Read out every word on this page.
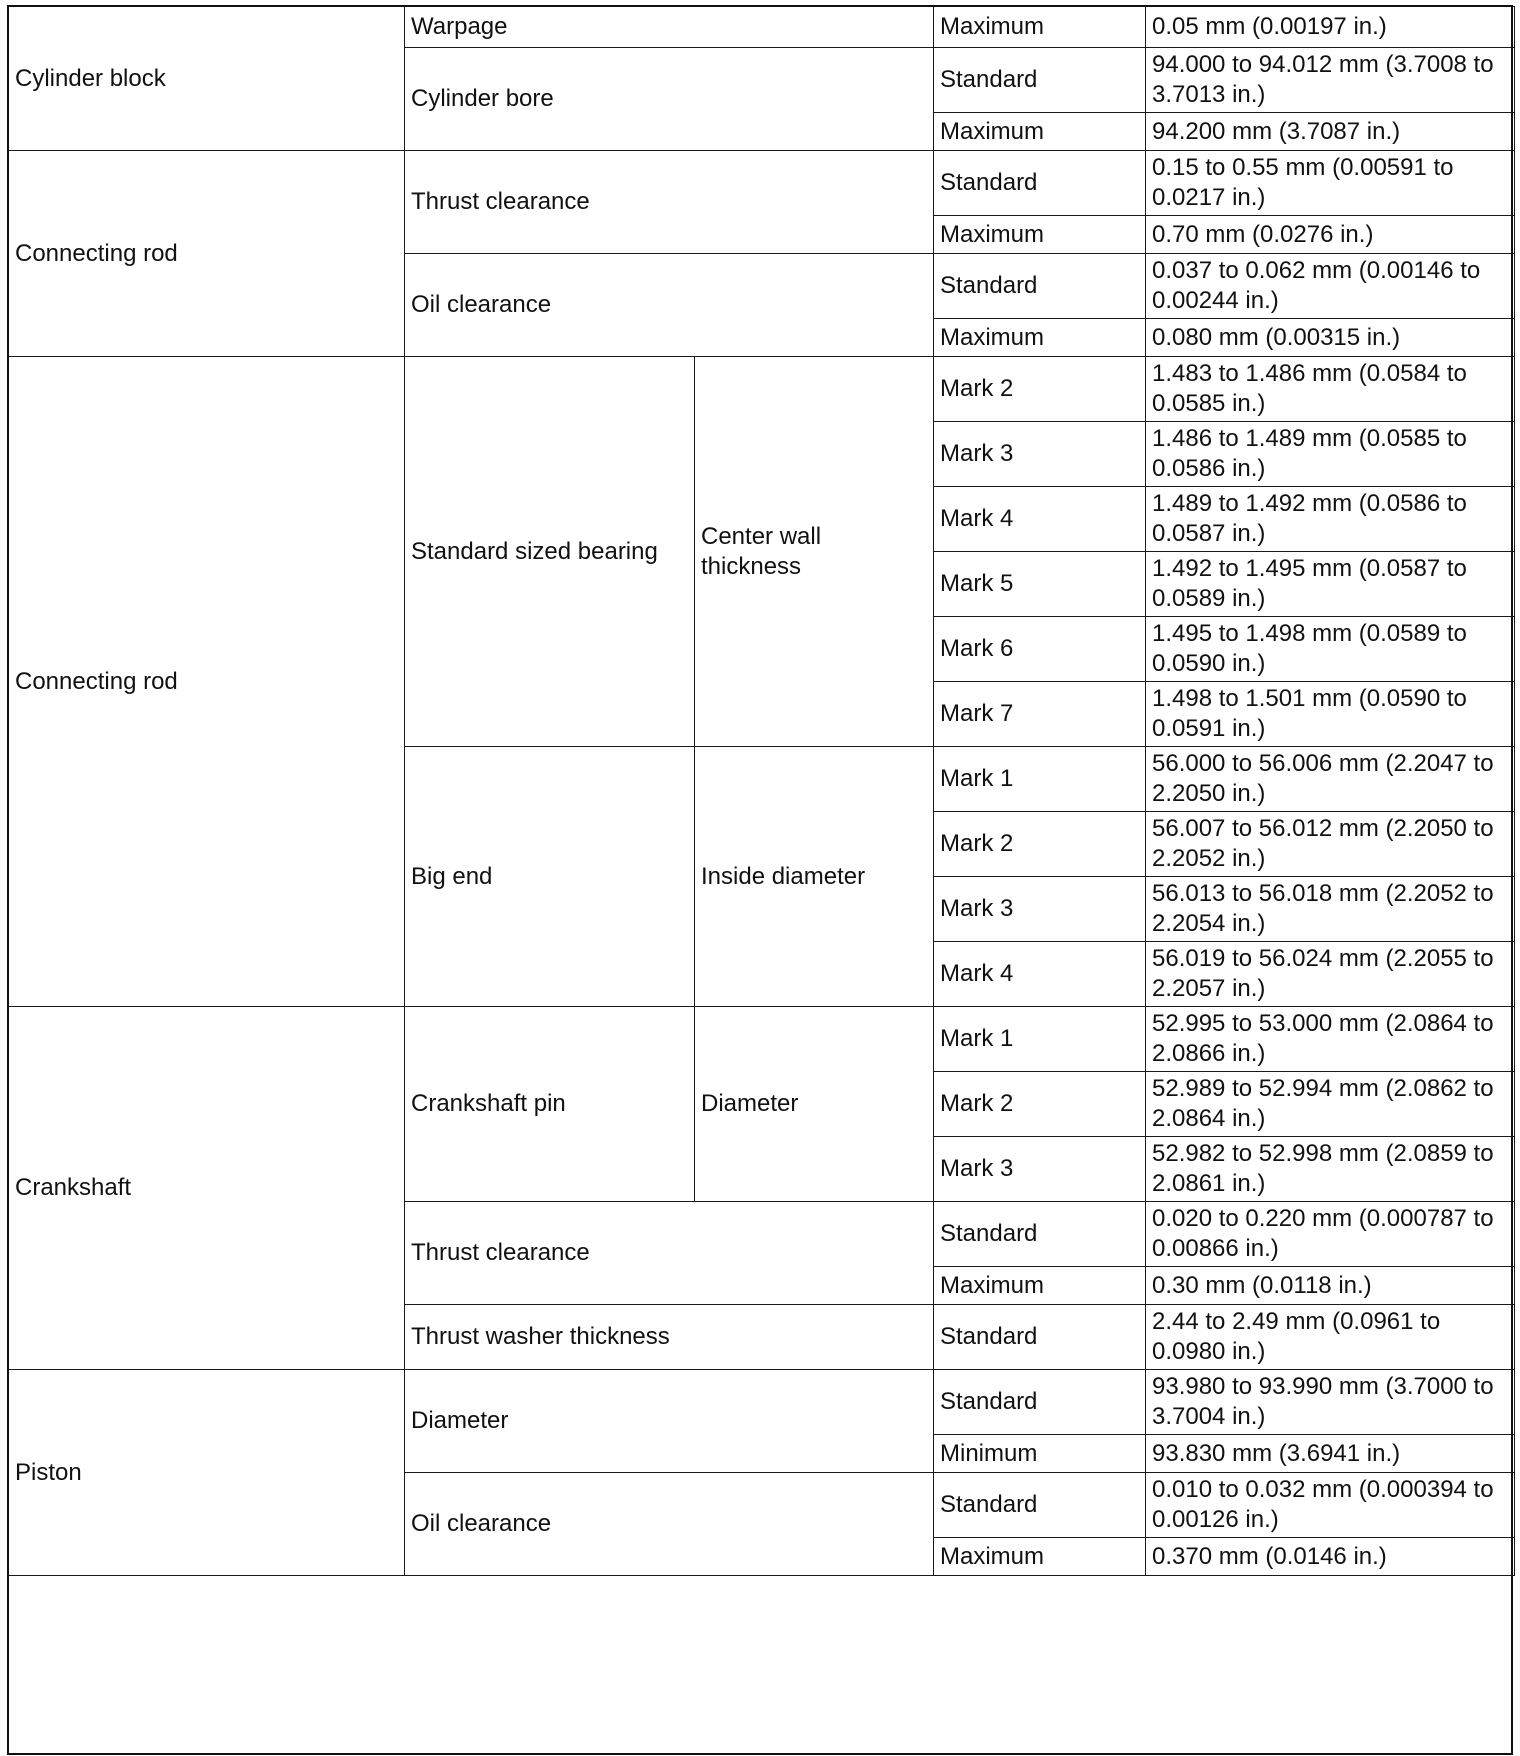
Cylinder block	Warpage		Maximum	0.05 mm (0.00197 in.)
	Cylinder bore		Standard	94.000 to 94.012 mm (3.7008 to 3.7013 in.)
			Maximum	94.200 mm (3.7087 in.)
Connecting rod	Thrust clearance		Standard	0.15 to 0.55 mm (0.00591 to 0.0217 in.)
			Maximum	0.70 mm (0.0276 in.)
	Oil clearance		Standard	0.037 to 0.062 mm (0.00146 to 0.00244 in.)
			Maximum	0.080 mm (0.00315 in.)
Connecting rod	Standard sized bearing	Center wall thickness	Mark 2	1.483 to 1.486 mm (0.0584 to 0.0585 in.)
			Mark 3	1.486 to 1.489 mm (0.0585 to 0.0586 in.)
			Mark 4	1.489 to 1.492 mm (0.0586 to 0.0587 in.)
			Mark 5	1.492 to 1.495 mm (0.0587 to 0.0589 in.)
			Mark 6	1.495 to 1.498 mm (0.0589 to 0.0590 in.)
			Mark 7	1.498 to 1.501 mm (0.0590 to 0.0591 in.)
	Big end	Inside diameter	Mark 1	56.000 to 56.006 mm (2.2047 to 2.2050 in.)
			Mark 2	56.007 to 56.012 mm (2.2050 to 2.2052 in.)
			Mark 3	56.013 to 56.018 mm (2.2052 to 2.2054 in.)
			Mark 4	56.019 to 56.024 mm (2.2055 to 2.2057 in.)
Crankshaft	Crankshaft pin	Diameter	Mark 1	52.995 to 53.000 mm (2.0864 to 2.0866 in.)
			Mark 2	52.989 to 52.994 mm (2.0862 to 2.0864 in.)
			Mark 3	52.982 to 52.998 mm (2.0859 to 2.0861 in.)
	Thrust clearance		Standard	0.020 to 0.220 mm (0.000787 to 0.00866 in.)
			Maximum	0.30 mm (0.0118 in.)
	Thrust washer thickness		Standard	2.44 to 2.49 mm (0.0961 to 0.0980 in.)
Piston	Diameter		Standard	93.980 to 93.990 mm (3.7000 to 3.7004 in.)
			Minimum	93.830 mm (3.6941 in.)
	Oil clearance		Standard	0.010 to 0.032 mm (0.000394 to 0.00126 in.)
			Maximum	0.370 mm (0.0146 in.)
